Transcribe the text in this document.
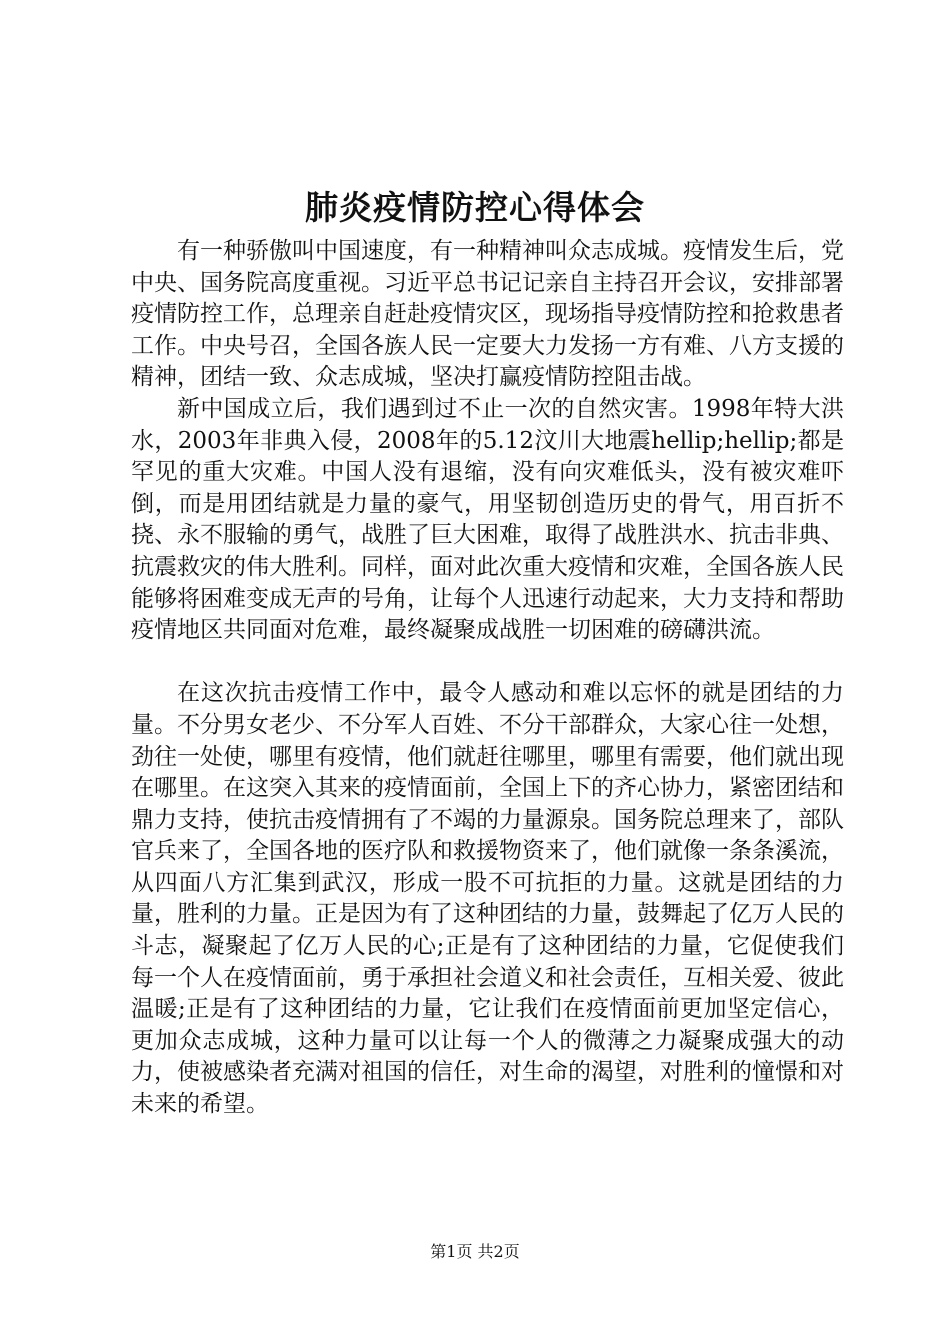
肺炎疫情防控心得体会

有一种骄傲叫中国速度，有一种精神叫众志成城。疫情发生后，党中央、国务院高度重视。习近平总书记记亲自主持召开会议，安排部署疫情防控工作，总理亲自赶赴疫情灾区，现场指导疫情防控和抢救患者工作。中央号召，全国各族人民一定要大力发扬一方有难、八方支援的精神，团结一致、众志成城，坚决打赢疫情防控阻击战。

新中国成立后，我们遇到过不止一次的自然灾害。1998年特大洪水，2003年非典入侵，2008年的5.12汶川大地震hellip;hellip;都是罕见的重大灾难。中国人没有退缩，没有向灾难低头，没有被灾难吓倒，而是用团结就是力量的豪气，用坚韧创造历史的骨气，用百折不挠、永不服输的勇气，战胜了巨大困难，取得了战胜洪水、抗击非典、抗震救灾的伟大胜利。同样，面对此次重大疫情和灾难，全国各族人民能够将困难变成无声的号角，让每个人迅速行动起来，大力支持和帮助疫情地区共同面对危难，最终凝聚成战胜一切困难的磅礴洪流。

在这次抗击疫情工作中，最令人感动和难以忘怀的就是团结的力量。不分男女老少、不分军人百姓、不分干部群众，大家心往一处想，劲往一处使，哪里有疫情，他们就赶往哪里，哪里有需要，他们就出现在哪里。在这突入其来的疫情面前，全国上下的齐心协力，紧密团结和鼎力支持，使抗击疫情拥有了不竭的力量源泉。国务院总理来了，部队官兵来了，全国各地的医疗队和救援物资来了，他们就像一条条溪流，从四面八方汇集到武汉，形成一股不可抗拒的力量。这就是团结的力量，胜利的力量。正是因为有了这种团结的力量，鼓舞起了亿万人民的斗志，凝聚起了亿万人民的心;正是有了这种团结的力量，它促使我们每一个人在疫情面前，勇于承担社会道义和社会责任，互相关爱、彼此温暖;正是有了这种团结的力量，它让我们在疫情面前更加坚定信心，更加众志成城，这种力量可以让每一个人的微薄之力凝聚成强大的动力，使被感染者充满对祖国的信任，对生命的渴望，对胜利的憧憬和对未来的希望。

第1页 共2页
